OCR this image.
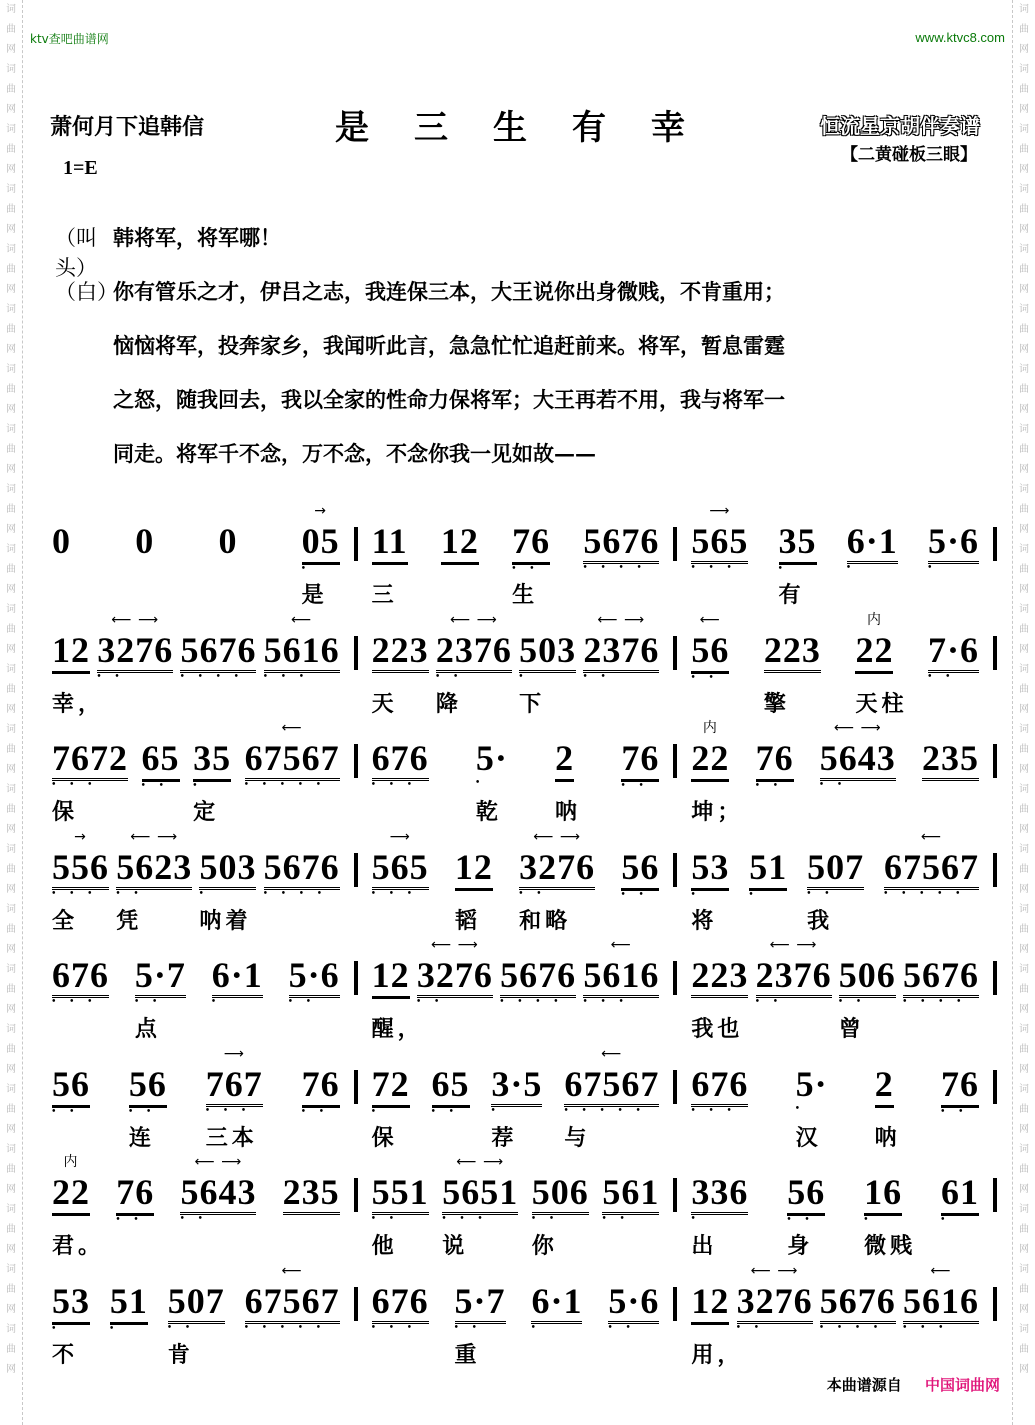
词
曲
网
词
曲
网
词
曲
网
词
曲
网
词
曲
网
词
曲
网
词
曲
网
词
曲
网
词
曲
网
词
曲
网
词
曲
网
词
曲
网
词
曲
网
词
曲
网
词
曲
网
词
曲
网
词
曲
网
词
曲
网
词
曲
网
词
曲
网
词
曲
网
词
曲
网
词
曲
网
词
曲
网
词
曲
网
词
曲
网
词
曲
网
词
曲
网
词
曲
网
词
曲
网
词
曲
网
词
曲
网
词
曲
网
词
曲
网
词
曲
网
词
曲
网
词
曲
网
词
曲
网
词
曲
网
词
曲
网
词
曲
网
词
曲
网
词
曲
网
词
曲
网
词
曲
网
词
曲
网
ktv查吧曲谱网	www.ktvc8.com
萧何月下追韩信	是三生有幸	恒流星京胡伴奏谱
【二黄碰板三眼】
1=E
（叫头）
韩将军，将军哪！
（白）
你有管乐之才，伊吕之志，我连保三本，大王说你出身微贱，不肯重用；
恼恼将军，投奔家乡，我闻听此言，急急忙忙追赶前来。将军，暂息雷霆
之怒，随我回去，我以全家的性命力保将军；大王再若不用，我与将军一
同走。将军千不念，万不念，不念你我一见如故——
0 0 0
→
05
•
是
11
三
12 76
• •
生
5676
• • • •
⟶
565
• • •
35
•
有
6·1
•
5·6
•
12
幸，
⟵ ⟶
3276
• •
5676
• • • •
⟵
5616
• • •
223
天
⟵ ⟶
2376
• •
降
503
•
下
⟵ ⟶
2376
• •
⟵
56
• •
223
擎
内
22
天柱
7·6
• •
7672
• • •
保
65
• •
35
•
定
⟵
67567
• • • • •
676
• • •
5·
•
乾
2
呐
76
• •
内
22
坤；
76
• •
⟵ ⟶
5643
• •
235
→
556
• • •
全
⟵ ⟶
5623
• •
凭
503
•
呐着
5676
• • • •
⟶
565
• • •
12
韬
⟵ ⟶
3276
• •
和略
56
• •
53
•
将
51
•
507
• •
我
⟵
67567
• • • • •
676
• • •
5·7
• •
点
6·1
•
5·6
• •
12
醒，
⟵ ⟶
3276
• •
5676
• • • •
⟵
5616
• • •
223
我也
⟵ ⟶
2376
• •
506
• •
曾
5676
• • • •
56
• •
56
• •
连
⟶
767
• • •
三本
76
• •
72
•
保
65
• •
3·5
•
荐
⟵
67567
• • • • •
与
676
• • •
5·
•
汉
2
呐
76
• •
内
22
君。
76
• •
⟵ ⟶
5643
• •
235 551
• •
他
⟵ ⟶
5651
• • •
说
506
• •
你
561
• •
336
•
出
56
• •
身
16
•
微贱
61
•
53
•
不
51
•
507
• •
肯
⟵
67567
• • • • •
676
• • •
5·7
• •
重
6·1
•
5·6
• •
12
用，
⟵ ⟶
3276
• •
5676
• • • •
⟵
5616
• • •
本曲谱源自 中国词曲网
